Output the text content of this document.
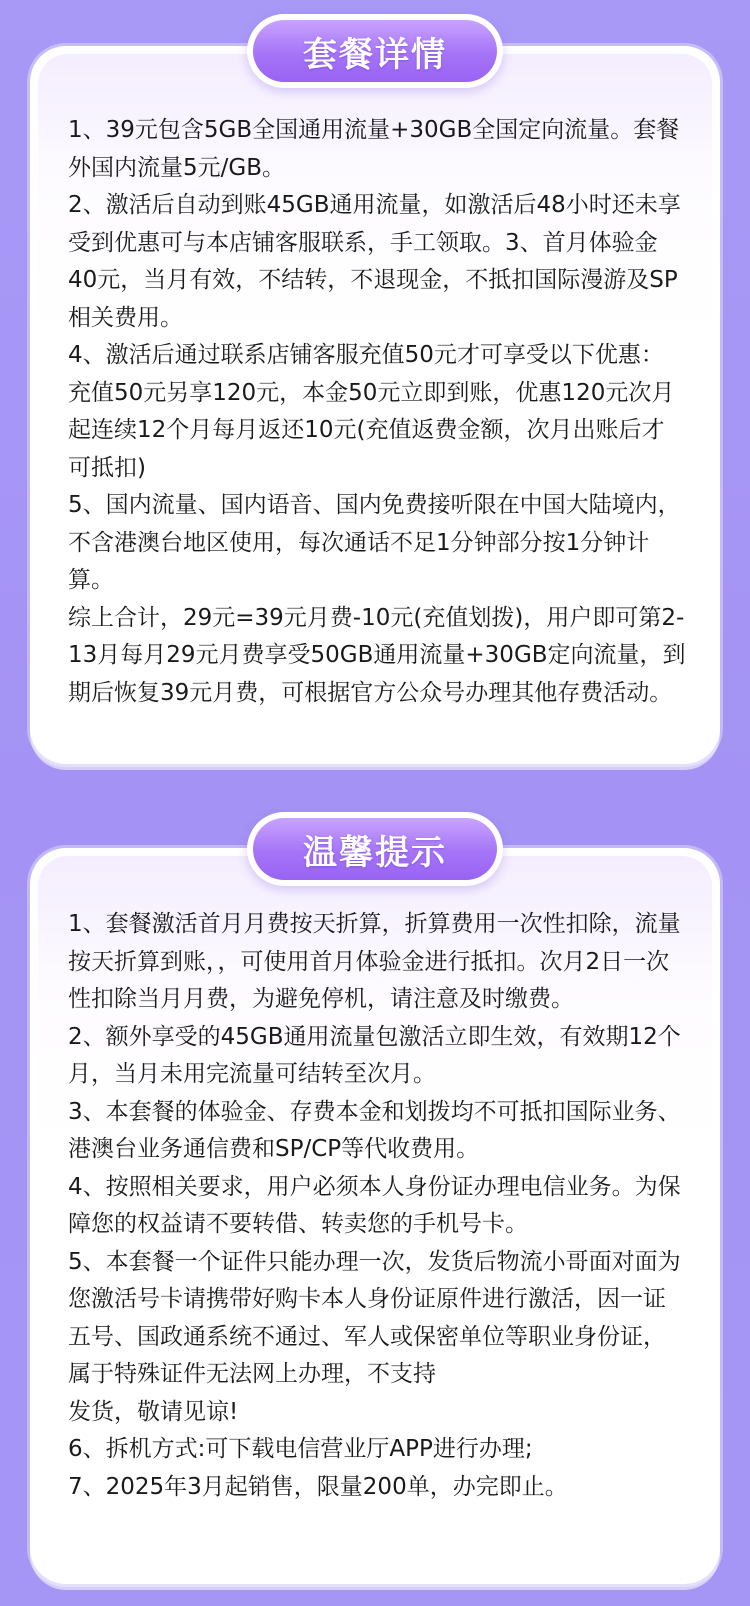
套餐详情

1、39元包含5GB全国通用流量+30GB全国定向流量。套餐外国内流量5元/GB。

2、激活后自动到账45GB通用流量，如激活后48小时还未享受到优惠可与本店铺客服联系，手工领取。3、首月体验金40元，当月有效，不结转，不退现金，不抵扣国际漫游及SP相关费用。

4、激活后通过联系店铺客服充值50元才可享受以下优惠：充值50元另享120元，本金50元立即到账，优惠120元次月起连续12个月每月返还10元(充值返费金额，次月出账后才可抵扣)

5、国内流量、国内语音、国内免费接听限在中国大陆境内，不含港澳台地区使用，每次通话不足1分钟部分按1分钟计算。

综上合计，29元=39元月费-10元(充值划拨)，用户即可第2-13月每月29元月费享受50GB通用流量+30GB定向流量，到期后恢复39元月费，可根据官方公众号办理其他存费活动。

温馨提示

1、套餐激活首月月费按天折算，折算费用一次性扣除，流量按天折算到账，，可使用首月体验金进行抵扣。次月2日一次性扣除当月月费，为避免停机，请注意及时缴费。

2、额外享受的45GB通用流量包激活立即生效，有效期12个月，当月未用完流量可结转至次月。

3、本套餐的体验金、存费本金和划拨均不可抵扣国际业务、港澳台业务通信费和SP/CP等代收费用。

4、按照相关要求，用户必须本人身份证办理电信业务。为保障您的权益请不要转借、转卖您的手机号卡。

5、本套餐一个证件只能办理一次，发货后物流小哥面对面为您激活号卡请携带好购卡本人身份证原件进行激活，因一证五号、国政通系统不通过、军人或保密单位等职业身份证，属于特殊证件无法网上办理，不支持

发货，敬请见谅!

6、拆机方式:可下载电信营业厅APP进行办理;

7、2025年3月起销售，限量200单，办完即止。
